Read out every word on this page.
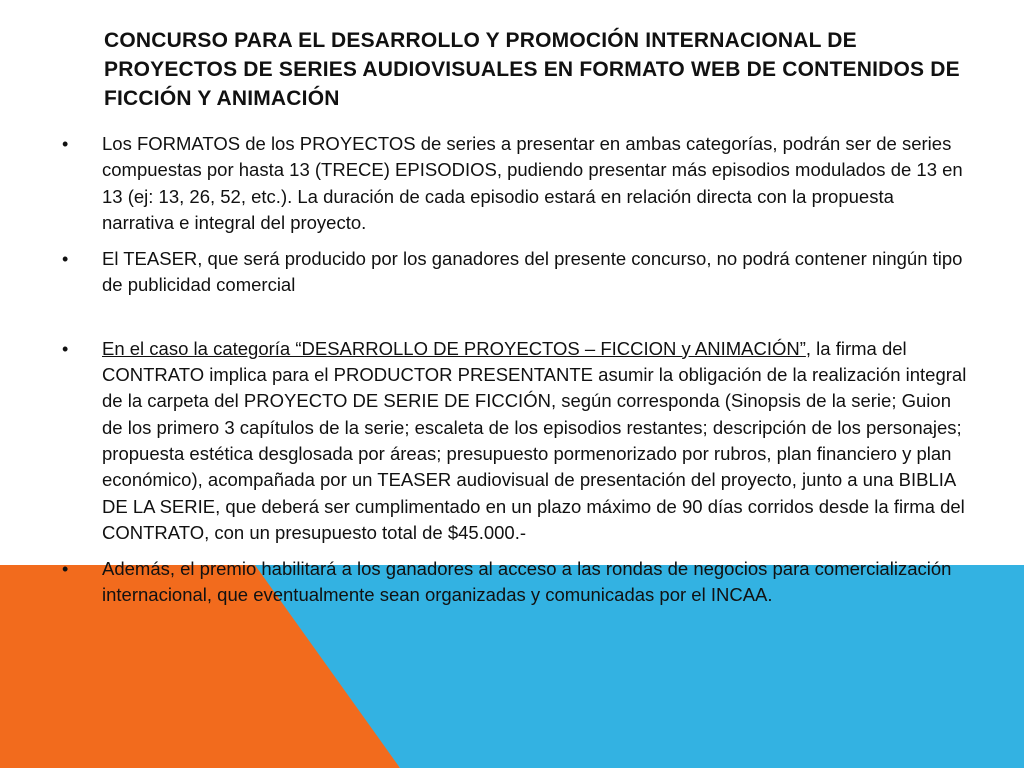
CONCURSO PARA EL DESARROLLO Y PROMOCIÓN INTERNACIONAL DE PROYECTOS DE SERIES AUDIOVISUALES EN FORMATO WEB DE CONTENIDOS DE FICCIÓN Y ANIMACIÓN
•	Los FORMATOS de los PROYECTOS de series a presentar en ambas categorías, podrán ser de series compuestas por hasta 13 (TRECE) EPISODIOS, pudiendo presentar más episodios modulados de 13 en 13 (ej: 13, 26, 52, etc.). La duración de cada episodio estará en relación directa con la propuesta narrativa e integral del proyecto.
•	El TEASER, que será producido por los ganadores del presente concurso, no podrá contener ningún tipo de publicidad comercial
•	En el caso la categoría “DESARROLLO DE PROYECTOS – FICCION y ANIMACIÓN”, la firma del CONTRATO implica para el PRODUCTOR PRESENTANTE asumir la obligación de la realización integral de la carpeta del PROYECTO DE SERIE DE FICCIÓN, según corresponda (Sinopsis de la serie; Guion de los primero 3 capítulos de la serie; escaleta de los episodios restantes; descripción de los personajes; propuesta estética desglosada por áreas; presupuesto pormenorizado por rubros, plan financiero y plan económico), acompañada por un TEASER audiovisual de presentación del proyecto, junto a una BIBLIA DE LA SERIE, que deberá ser cumplimentado en un plazo máximo de 90 días corridos desde la firma del CONTRATO, con un presupuesto total de $45.000.-
•	Además, el premio habilitará a los ganadores al acceso a las rondas de negocios para comercialización internacional, que eventualmente sean organizadas y comunicadas por el INCAA.
